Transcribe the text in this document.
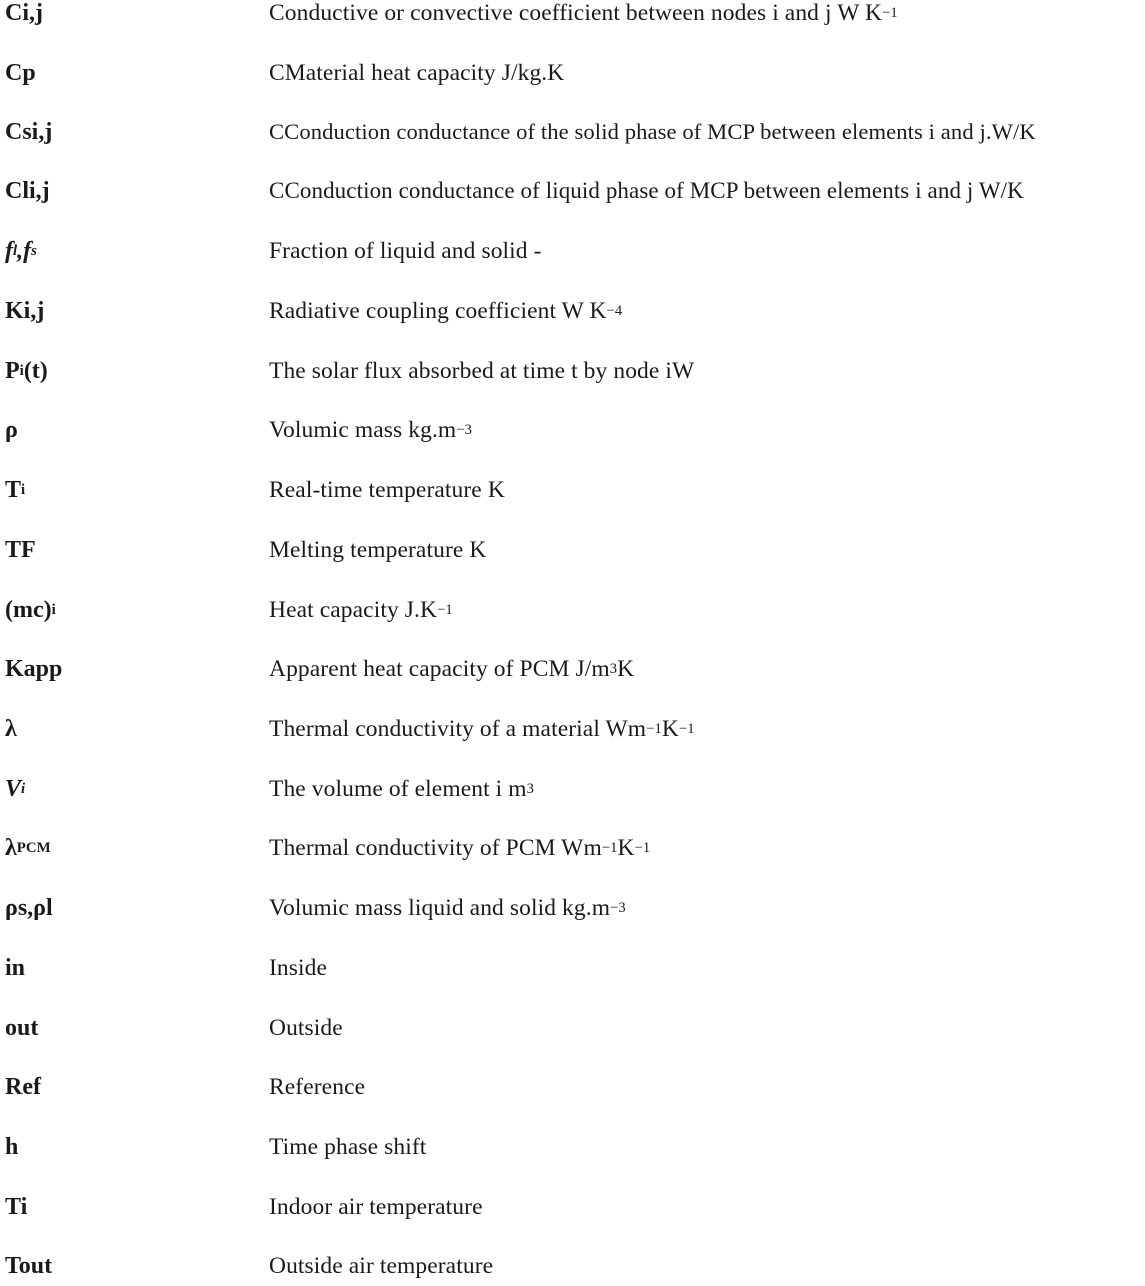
Ci,j	Conductive or convective coefficient between nodes i and j W K −1
Cp	CMaterial heat capacity J/kg.K
Csi,j	CConduction conductance of the solid phase of MCP between elements i and j.W/K
Cli,j	CConduction conductance of liquid phase of MCP between elements i and j W/K
f l , f s	Fraction of liquid and solid -
Ki,j	Radiative coupling coefficient W K −4
P i (t)	The solar flux absorbed at time t by node iW
ρ	Volumic mass kg.m −3
T i	Real-time temperature K
TF	Melting temperature K
(mc) i	Heat capacity J.K −1
Kapp	Apparent heat capacity of PCM J/m 3 K
λ	Thermal conductivity of a material Wm −1 K −1
V i	The volume of element i m 3
λ PCM	Thermal conductivity of PCM Wm −1 K −1
ρs,ρl	Volumic mass liquid and solid kg.m −3
in	Inside
out	Outside
Ref	Reference
h	Time phase shift
Ti	Indoor air temperature
Tout	Outside air temperature
